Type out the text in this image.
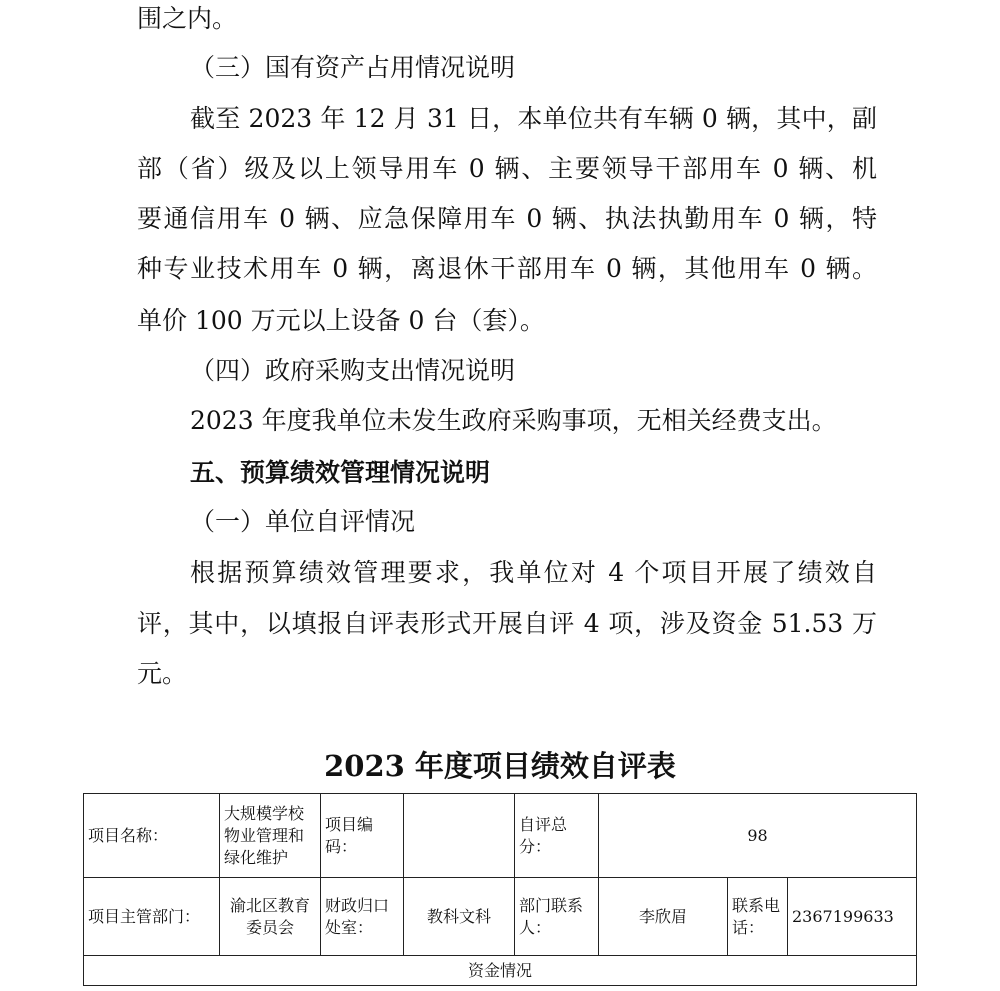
围之内。
（三）国有资产占用情况说明
截至 2023 年 12 月 31 日，本单位共有车辆 0 辆，其中，副
部（省）级及以上领导用车 0 辆、主要领导干部用车 0 辆、机
要通信用车 0 辆、应急保障用车 0 辆、执法执勤用车 0 辆，特
种专业技术用车 0 辆，离退休干部用车 0 辆，其他用车 0 辆。
单价 100 万元以上设备 0 台（套）。
（四）政府采购支出情况说明
2023 年度我单位未发生政府采购事项，无相关经费支出。
五、预算绩效管理情况说明
（一）单位自评情况
根据预算绩效管理要求，我单位对 4 个项目开展了绩效自
评，其中，以填报自评表形式开展自评 4 项，涉及资金 51.53 万
元。
2023 年度项目绩效自评表
项目名称：	大规模学校物业管理和绿化维护	项目编码：		自评总分：	98		
项目主管部门：	渝北区教育委员会	财政归口处室：	教科文科	部门联系人：	李欣眉	联系电话：	2367199633
资金情况							
